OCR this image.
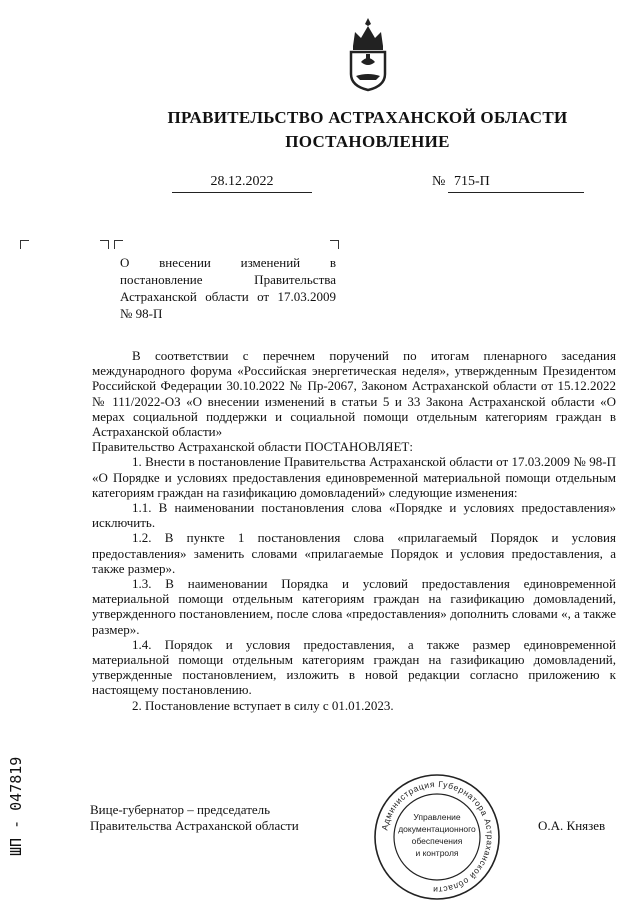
ПРАВИТЕЛЬСТВО АСТРАХАНСКОЙ ОБЛАСТИ
ПОСТАНОВЛЕНИЕ
28.12.2022	№ 715-П
О внесении изменений в постановление Правительства Астраханской области от 17.03.2009 № 98-П

В соответствии с перечнем поручений по итогам пленарного заседания международного форума «Российская энергетическая неделя», утвержденным Президентом Российской Федерации 30.10.2022 № Пр-2067, Законом Астраханской области от 15.12.2022 № 111/2022-ОЗ «О внесении изменений в статьи 5 и 33 Закона Астраханской области «О мерах социальной поддержки и социальной помощи отдельным категориям граждан в Астраханской области»

Правительство Астраханской области ПОСТАНОВЛЯЕТ:

1. Внести в постановление Правительства Астраханской области от 17.03.2009 № 98-П «О Порядке и условиях предоставления единовременной материальной помощи отдельным категориям граждан на газификацию домовладений» следующие изменения:

1.1. В наименовании постановления слова «Порядке и условиях предоставления» исключить.

1.2. В пункте 1 постановления слова «прилагаемый Порядок и условия предоставления» заменить словами «прилагаемые Порядок и условия предоставления, а также размер».

1.3. В наименовании Порядка и условий предоставления единовременной материальной помощи отдельным категориям граждан на газификацию домовладений, утвержденного постановлением, после слова «предоставления» дополнить словами «, а также размер».

1.4. Порядок и условия предоставления, а также размер единовременной материальной помощи отдельным категориям граждан на газификацию домовладений, утвержденные постановлением, изложить в новой редакции согласно приложению к настоящему постановлению.

2. Постановление вступает в силу с 01.01.2023.

Вице-губернатор – председатель
Правительства Астраханской области	Администрация Губернатора Астраханской области
Управление
документационного
обеспечения
и контроля
О.А. Князев
ШП - 047819
